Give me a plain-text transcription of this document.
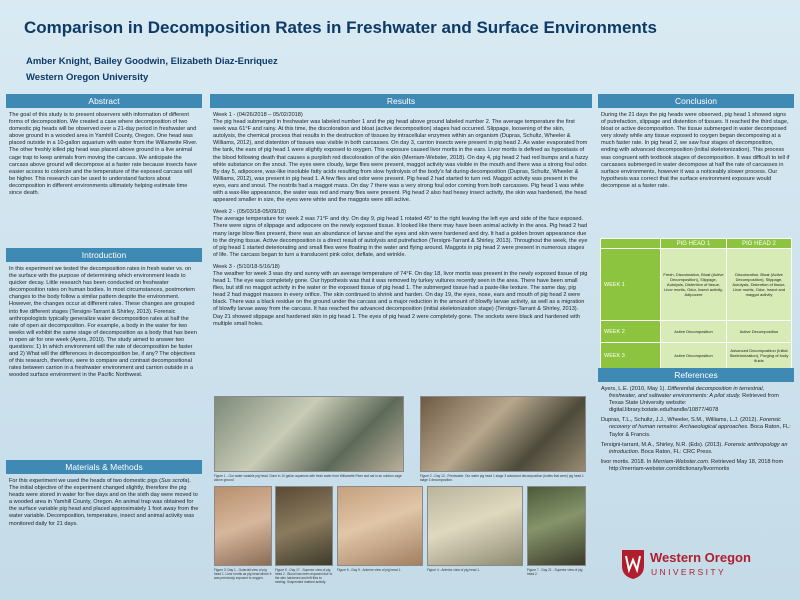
Comparison in Decomposition Rates in Freshwater and Surface Environments
Amber Knight, Bailey Goodwin, Elizabeth Diaz-Enriquez
Western Oregon University
Abstract
The goal of this study is to present observers with information of different forms of decomposition. We created a case where decomposition of two domestic pig heads will be observed over a 21-day period in freshwater and above ground in a wooded area in Yamhill County, Oregon. One head was placed outside in a 10-gallon aquarium with water from the Willamette River. The other freshly killed pig head was placed above ground in a live animal cage trap to keep animals from moving the carcass. We anticipate the carcass above ground will decompose at a faster rate because insects have easier access to colonize and the temperature of the exposed carcass will be higher. This research can be used to understand factors about decomposition in different environments ultimately helping estimate time since death.
Introduction
In this experiment we tested the decomposition rates in fresh water vs. on the surface with the purpose of determining which environment leads to quicker decay. Little research has been conducted on freshwater decomposition rates on human bodies. In most circumstances, postmortem changes to the body follow a similar pattern despite the environment. However, the changes occur at different rates. These changes are grouped into five different stages (Tersigni-Tarrant & Shirley, 2013). Forensic anthropologists typically generalize water decomposition rates at half the rate of open air decomposition. For example, a body in the water for two weeks will exhibit the same stage of decomposition as a body that has been in open air for one week (Ayers, 2010). The study aimed to answer two questions: 1) In which environment will the rate of decomposition be faster and 2) What will the differences in decomposition be, if any? The objectives of this research, therefore, were to compare and contrast decompositional rates between carrion in a freshwater environment and carrion outside in a wooded surface environment in the Pacific Northwest.
Materials & Methods
For this experiment we used the heads of two domestic pigs (Sus scrofa). The initial objective of the experiment changed slightly, therefore the pig heads were stored in water for five days and on the sixth day were moved to a wooded area in Yamhill County, Oregon. An animal trap was obtained for the surface variable pig head and placed approximately 1 foot away from the water variable. Decomposition, temperature, insect and animal activity was monitored daily for 21 days.
Results

Week 1 - (04/26/2018 – 05/02/2018)
The pig head submerged in freshwater was labeled number 1 and the pig head above ground labeled number 2. The average temperature the first week was 61°F and rainy. At this time, the discoloration and bloat (active decomposition) stages had occurred. Slippage, loosening of the skin, autolysis, the chemical process that results in the destruction of tissues by intracellular enzymes within an organism (Dupras, Schultz, Wheeler & Williams, 2012), and distention of tissues was visible in both carcasses. On day 3, carrion insects were present in pig head 2. As water evaporated from the tank, the ears of pig head 1 were slightly exposed to oxygen. This exposure caused livor mortis in the ears. Livor mortis is defined as hypostasis of the blood following death that causes a purplish red discoloration of the skin (Merriam-Webster, 2018). On day 4, pig head 2 had red bumps and a fuzzy white substance on the snout. The eyes were cloudy, large flies were present, maggot activity was visible in the mouth and there was a strong foul odor. By day 5, adipocere, wax-like insoluble fatty acids resulting from slow hydrolysis of the body's fat during decomposition (Dupras, Schultz, Wheeler & Williams, 2012), was present in pig head 1. A few flies and odor were present. Pig head 2 had started to turn red. Maggot activity was present in the eyes, ears and snout. The nostrils had a maggot mass. On day 7 there was a very strong foul odor coming from both carcasses. Pig head 1 was white with a wax-like appearance, the water was red and many flies were present. Pig head 2 also had heavy insect activity, the skin was hardened, the head appeared smaller in size, the eyes were white and the maggots were still active.

Week 2 - (05/03/18-05/09/18)
The average temperature for week 2 was 71°F and dry. On day 9, pig head 1 rotated 45° to the right leaving the left eye and side of the face exposed. There were signs of slippage and adipocere on the newly exposed tissue. It looked like there may have been animal activity in the area. Pig head 2 had many large blow flies present, there was an abundance of larvae and the eyes and skin were hardened and dry. It had a golden brown appearance due to the drying tissue. Active decomposition is a direct result of autolysis and putrefaction (Tersigni-Tarrant & Shirley, 2013). Throughout the week, the eye of pig head 1 started deteriorating and small flies were floating in the water and flying around. Maggots in pig head 2 were present in numerous stages of life. The carcass began to turn a translucent pink color, deflate, and wrinkle.

Week 3 - (5/10/18-5/16/18)
The weather for week 3 was dry and sunny with an average temperature of 74°F. On day 18, livor mortis was present in the newly exposed tissue of pig head 1. The eye was completely gone. Our hypothesis was that it was removed by turkey vultures recently seen in the area. There have been small flies, but still no maggot activity in the water or the exposed tissue of pig head 1. The submerged tissue had a paste-like texture. The same day, pig head 2 had maggot masses in every orifice. The skin continued to shrink and harden. On day 19, the eyes, nose, ears and mouth of pig head 2 were black. There was a black residue on the ground under the carcass and a major reduction in the amount of blowfly larvae activity, as well as a migration of blowfly larvae away from the carcass. It has reached the advanced decomposition (initial skeletonization stage) (Tersigni-Tarrant & Shirley, 2013). Day 21 showed slippage and hardened skin in pig head 1. The eyes of pig head 2 were completely gone. The sockets were black and hardened with multiple small holes.

Figure 1 - Our water variable pig head. Done in 10 gallon aquarium with fresh water from Willamette River and sat in an outdoor cage above ground
Figure 2 - Day 12 - Freshwater. Our water pig head 1 stage 3 advanced decomposition (turtles that were) pig head 1 stage 3 decomposition.
Figure 3: Day 1 - Outer/all view of pig head 1. Livor mortis as pig head where it was previously exposed to oxygen.
Figure 5 - Day 17 - Superior view of pig head 2 . Blood has been exposed due to the skin hardened and left flies to nesting. Suspended marked activity.
Figure 6 - Day 9 - Anterior view of pig head 1.	Figure 4 - Anterior view of pig head 1.	Figure 7 - Day 21 - Superior view of pig head 2.
Conclusion
During the 21 days the pig heads were observed, pig head 1 showed signs of putrefaction, slippage and distention of tissues. It reached the third stage, bloat or active decomposition. The tissue submerged in water decomposed very slowly while any tissue exposed to oxygen began decomposing at a much faster rate. In pig head 2, we saw four stages of decomposition, ending with advanced decomposition (initial skeletonization). This process was congruent with textbook stages of decomposition. It was difficult to tell if carcasses submerged in water decompose at half the rate of carcasses in surface environments, however it was a noticeably slower process. Our hypothesis was correct that the surface environment exposure would decompose at a faster rate.
	PIG HEAD 1	PIG HEAD 2
WEEK 1	Fresh, Discoloration, Bloat (Active Decomposition), Slippage, Autolysis, Distention of tissue, Livor mortis, Odor, Insect activity, Adipocere	Discoloration, Bloat (Active Decomposition), Slippage, Autolysis, Distention of tissue, Livor mortis, Odor, Insect and maggot activity
WEEK 2	Active Decomposition	Active Decomposition
WEEK 3	Active Decomposition	Advanced Decomposition (Initial Skeletonization), Purging of body fluids
References

Ayers, L.E. (2010, May 1). Differential decomposition in terrestrial, freshwater, and saltwater environments: A pilot study. Retrieved from Texas State University website: digital.library.txstate.edu/handle/10877/4078

Dupras, T.L., Schultz, J.J., Wheeler, S.M., Williams, L.J. (2012). Forensic recovery of human remains: Archaeological approaches. Boca Raton, FL: Taylor & Francis.

Tersigni-tarrant, M.A., Shirley, N.R. (Eds). (2013). Forensic anthropology an introduction. Boca Raton, FL: CRC Press.

livor mortis. 2018. In Merriam-Webster.com. Retrieved May 18, 2018 from http://merriam-webster.com/dictionary/livormortis

Western Oregon
UNIVERSITY
